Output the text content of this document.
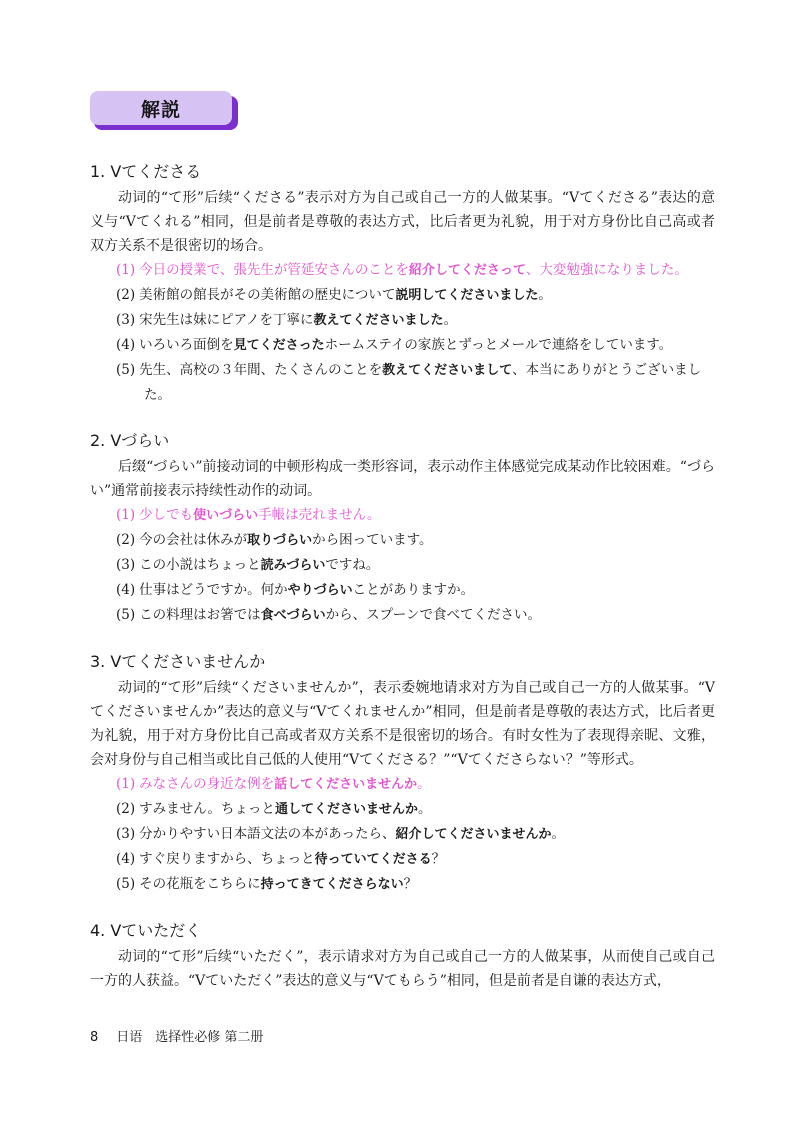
解説
1. Vてくださる

动词的“て形”后续“くださる”表示对方为自己或自己一方的人做某事。“Vてくださる”表达的意义与“Vてくれる”相同，但是前者是尊敬的表达方式，比后者更为礼貌，用于对方身份比自己高或者双方关系不是很密切的场合。

(1) 今日の授業で、張先生が管延安さんのことを紹介してくださって、大変勉強になりました。
(2) 美術館の館長がその美術館の歴史について説明してくださいました。
(3) 宋先生は妹にピアノを丁寧に教えてくださいました。
(4) いろいろ面倒を見てくださったホームステイの家族とずっとメールで連絡をしています。
(5) 先生、高校の３年間、たくさんのことを教えてくださいまして、本当にありがとうございました。
2. Vづらい

后缀“づらい”前接动词的中顿形构成一类形容词，表示动作主体感觉完成某动作比较困难。“づらい”通常前接表示持续性动作的动词。

(1) 少しでも使いづらい手帳は売れません。
(2) 今の会社は休みが取りづらいから困っています。
(3) この小説はちょっと読みづらいですね。
(4) 仕事はどうですか。何かやりづらいことがありますか。
(5) この料理はお箸では食べづらいから、スプーンで食べてください。
3. Vてくださいませんか

动词的“て形”后续“くださいませんか”，表示委婉地请求对方为自己或自己一方的人做某事。“Vてくださいませんか”表达的意义与“Vてくれませんか”相同，但是前者是尊敬的表达方式，比后者更为礼貌，用于对方身份比自己高或者双方关系不是很密切的场合。有时女性为了表现得亲昵、文雅，会对身份与自己相当或比自己低的人使用“Vてくださる？”“Vてくださらない？”等形式。

(1) みなさんの身近な例を話してくださいませんか。
(2) すみません。ちょっと通してくださいませんか。
(3) 分かりやすい日本語文法の本があったら、紹介してくださいませんか。
(4) すぐ戻りますから、ちょっと待っていてくださる？
(5) その花瓶をこちらに持ってきてくださらない？
4. Vていただく

动词的“て形”后续“いただく”，表示请求对方为自己或自己一方的人做某事，从而使自己或自己一方的人获益。“Vていただく”表达的意义与“Vてもらう”相同，但是前者是自谦的表达方式，

8 日语　选择性必修 第二册
